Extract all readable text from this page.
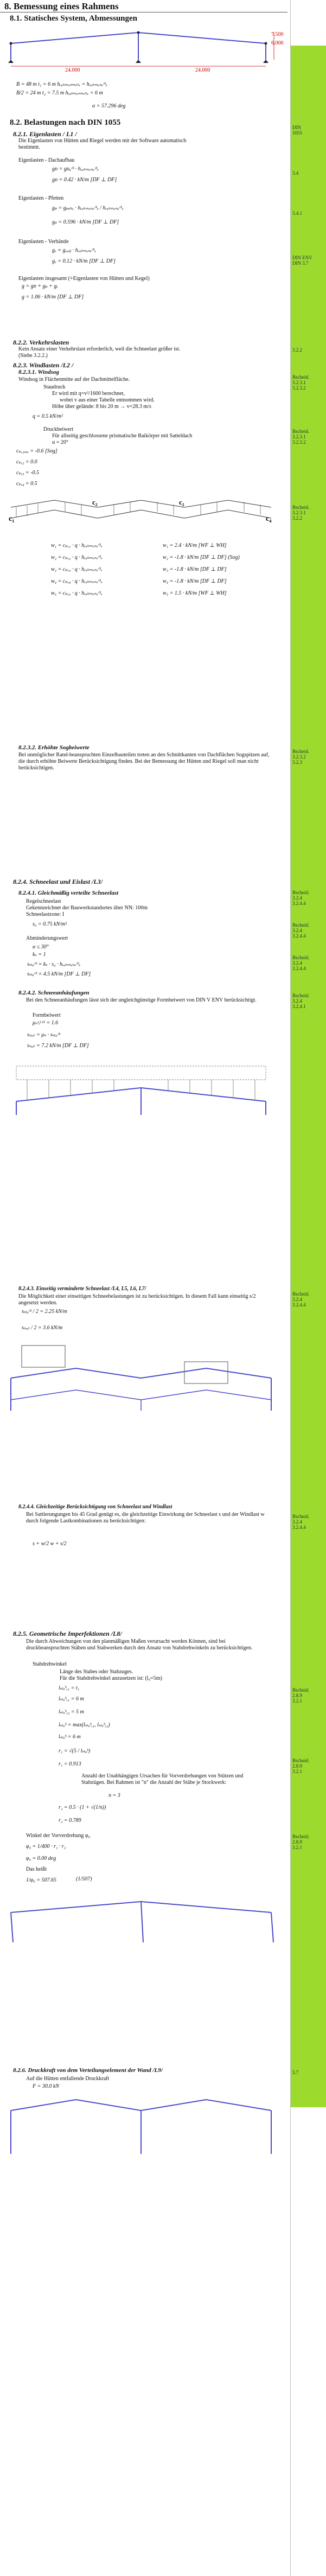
8. Bemessung eines Rahmens
8.1. Statisches System, Abmessungen
24.000	24.000
7.500
6.000
B = 48 m t₁ = 6 m hᵣₐₕₘₑₙₘᵢₗₗₑ = hᵣₐₕₘₑₙₑᶜᵏₑ
B/2 = 24 m t₂ = 7.5 m hᵣₐₕₘₑₙₘᵢₗₗₑ = 6 m
α = 57.296 deg
8.2. Belastungen nach DIN 1055
8.2.1. Eigenlasten / L1 /
Die Eigenlasten von Hütten und Riegel werden mit der Software automatisch
bestimmt.
Eigenlasten - Dachaufbau
gᴅ = gᴅₐᶜʰ · hᵣₐₕₘₑₙₑᶜᵏₑ
gᴅ = 0.42 · kN/m [DF ⊥ DF]
Eigenlasten - Pfetten
gₚ = gₚₑₜₜₑ · hᵣₐₕₘₑₙₑᶜᵏₑ / hᵣₐₕₘₑₙₑᶜᵏₑ
gₚ = 0.596 · kN/m [DF ⊥ DF]
Eigenlasten - Verbände
gᵥ = gᵥₑᵣᵦ · hᵣₐₕₘₑₙₑᶜᵏₑ
gᵥ = 0.12 · kN/m [DF ⊥ DF]
Eigenlasten insgesamt (+Eigenlasten von Hütten und Kegel)
g = gᴅ + gₚ + gᵥ
g = 1.06 · kN/m [DF ⊥ DF]
8.2.2. Verkehrslasten
Kein Ansatz einer Verkehrslast erforderlich, weil die Schneelast größer ist.
(Siehe 3.2.2.)
8.2.3. Windlasten /L2 /
8.2.3.1. Windsog
Windsog in Flächenmitte auf der Dachmittelfläche.
Staudruck
Er wird mit q=v²/1600 berechnet,
wobei v aus einer Tabelle entnommen wird.
Höhe über gelände: 8 bis 20 m → v=28.3 m/s
q = 0.5 kN/m²
Druckbeiwert
Für allseitig geschlossene prismatische Baikörper mit Satteldach
α = 20°
cₚ,₁ₑₒₓ = -0.6 [Sog]
cₚ,₂ = 0.0
cₚ,₃ = -0.5
cₚ,₄ = 0.5
c₁
c₂	c₂
c₄
w₁ = cₚ,₁ · q · hᵣₐₕₘₑₙₑᶜᵏₑ
w₂ = cₚ,₂ · q · hᵣₐₕₘₑₙₑᶜᵏₑ
w₃ = cₚ,₃ · q · hᵣₐₕₘₑₙₑᶜᵏₑ
w₄ = cₚ,₄ · q · hᵣₐₕₘₑₙₑᶜᵏₑ
w₅ = cₚ,₅ · q · hᵣₐₕₘₑₙₑᶜᵏₑ
w₁ = 2.4 · kN/m [WF ⊥ WH]
w₂ = -1.8 · kN/m [DF ⊥ DF] (Sog)
w₃ = -1.8 · kN/m [DF ⊥ DF]
w₄ = -1.8 · kN/m [DF ⊥ DF]
w₅ = 1.5 · kN/m [WF ⊥ WH]
8.2.3.2. Erhöhte Sogbeiwerte
Bei unmöglicher Rand-beanspruchten Einzelbauteilen treten an den Schnittkanten von Dachflächen Sogspitzen auf, die durch erhöhte Beiwerte Berücksichtigung finden. Bei der Bemessung der Hütten und Riegel soll man nicht berücksichtigen.
8.2.4. Schneelast und Eislast /L3/
8.2.4.1. Gleichmäßig verteilte Schneelast
Regelschneelast
Gekennzeichnet der Bauwerkstandortes über NN: 100m
Schneelastzone: I
s₀ = 0.75 kN/m²
Abminderungswert
α ≤ 30°
kₛ = 1
sₛₜₐᶜʰ = kₛ · s₀ · hᵣₐₕₘₑₙₑᶜᵏₑ
sₛₜₐᶜʰ = 4.5 kN/m [DF ⊥ DF]
8.2.4.2. Schneeanhäufungen
Bei den Schneeanhäufungen lässt sich der ungleichgünstige Formbeiwert von DIN V ENV berücksichtigt.
Formbeiwert
μₙᵉᵢᴸᵉ¹ = 1.6
sₙₑᵢₗ = μₙ · sₛₜₐᶜʰ
sₙₑᵢₗ = 7.2 kN/m [DF ⊥ DF]
8.2.4.3. Einseitig verminderte Schneelast /L4, L5, L6, L7/
Die Möglichkeit einer einseitigen Schneebelastungen ist zu berücksichtigen. In diesem Fall kann einseitig s/2 angesetzt werden.
sₛₜₐᶜʰ / 2 = 2.25 kN/m
sₙₑᵢₗ / 2 = 3.6 kN/m
8.2.4.4. Gleichzeitige Berücksichtigung von Schneelast und Windlast
Bei Sattlerungungen bis 45 Grad genügt es, die gleichzeitige Einwirkung der Schneelast s und der Windlast w durch folgende Lastkombinationen zu berücksichtigen:
s + w/2 w + s/2
8.2.5. Geometrische Imperfektionen /L8/
Die durch Abweichungen von den planmäßigen Maßen verursacht werden Können, sind bei druckbeanspruchten Stäben und Stabwerken durch den Ansatz von Stabdrehwinkeln zu berücksichtigen.
Stabdrehwinkel
Länge des Stabes oder Stabzuges.
Für die Stabdrehwinkel anzusetzen ist: (l₀=5m)
lₛₜₐᵇ,₁ = t₁
lₛₜₐᵇ,₁ = 6 m
lₛₜₐᵇ,₂ = 5 m
lₛₜₐᵇ = max(lₛₜₐᵇ,₁, lₛₜₐᵇ,₂)
lₛₜₐᵇ = 6 m
r₁ = √(5 / lₛₜₐᵇ)
r₁ = 0.913
Anzahl der Unabhängigen Ursachen für Vorverdrehungen von Stützen und Stabzügen. Bei Rahmen ist "n" die Anzahl der Stäbe je Stockwerk:
n = 3
r₂ = 0.5 · (1 + √(1/n))
r₂ = 0.789
Winkel der Vorverdrehung φ₀
φ₀ = 1/400 · r₁ · r₂
φ₀ = 0.00 deg
Das heißt
1/φ₀ = 507.65	(1/507)
8.2.6. Druckkraft von dem Verteilungselement der Wand /L9/
Auf die Hütten entfallende Druckkraft
F = 30.0 kN
DIN
1055
3.4
3.4.1
DIN ENV
DIN 3.7
3.2.2
Bscheid.
3.2.3.1
3.2.3.2
Bscheid.
3.2.3.1
3.2.3.2
Bscheid.
3.2.3.1
3.2.2
Bscheid.
3.2.3.2
3.2.3
Bscheid.
3.2.4
3.2.4.4
Bscheid.
3.2.4
3.2.4.4
Bscheid.
3.2.4
3.2.4.4
Bscheid.
3.2.4
3.2.4.1
Bscheid.
3.2.4
3.2.4.4
Bscheid.
3.2.4
3.2.4.4
Bscheid.
2.8.9
3.2.1
Bscheid.
2.8.9
3.2.1
Bscheid.
2.8.9
3.2.1
5.7
